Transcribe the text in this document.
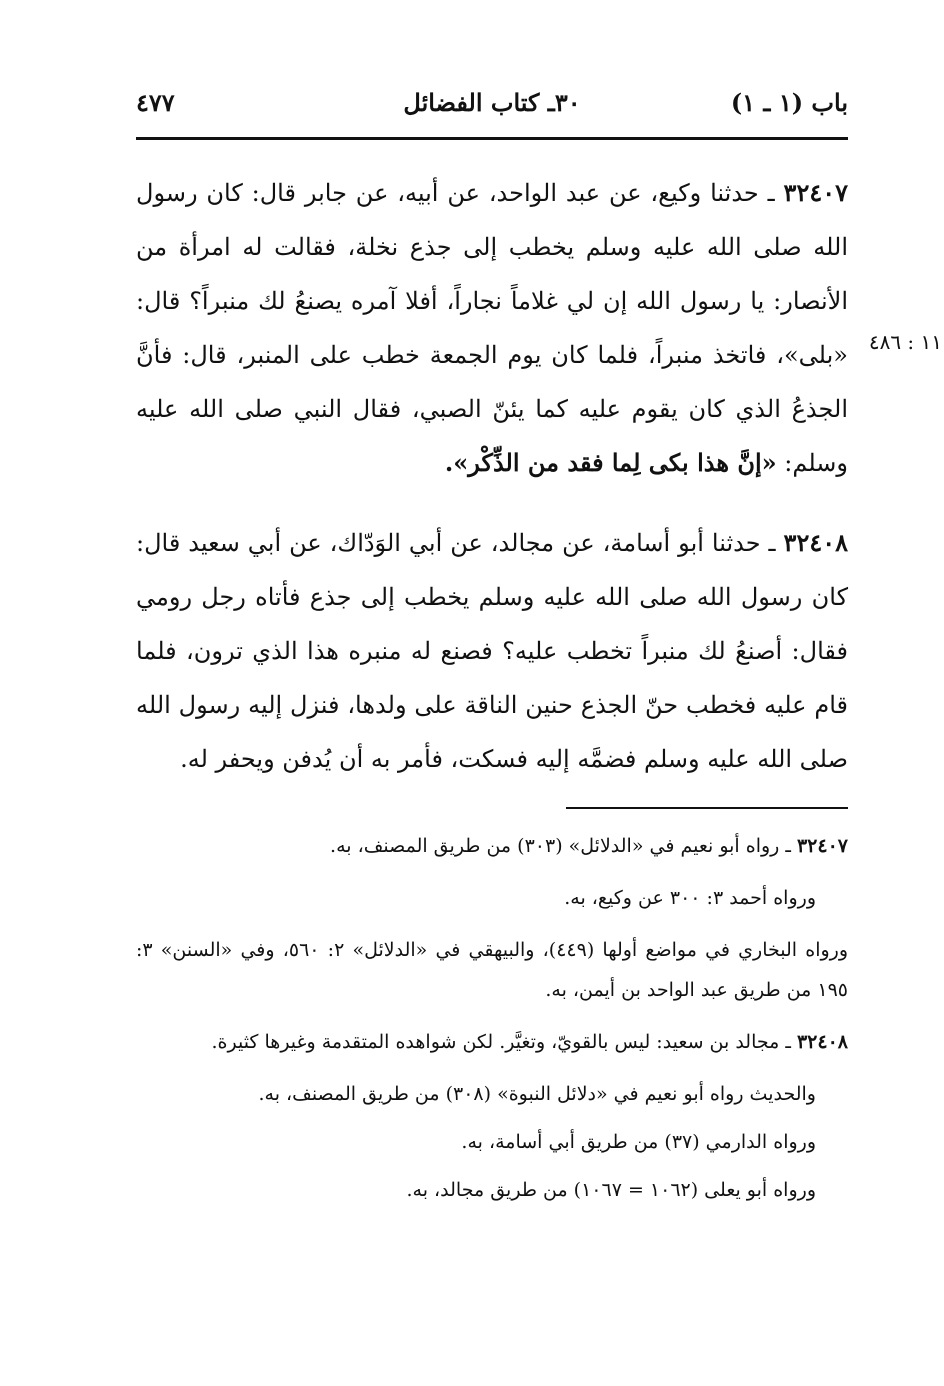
باب (١ ـ ١)
٣٠ـ كتاب الفضائل
٤٧٧
١١ : ٤٨٦

٣٢٤٠٧ ـ حدثنا وكيع، عن عبد الواحد، عن أبيه، عن جابر قال: كان رسول الله صلى الله عليه وسلم يخطب إلى جذع نخلة، فقالت له امرأة من الأنصار: يا رسول الله إن لي غلاماً نجاراً، أفلا آمره يصنعُ لك منبراً؟ قال: «بلى»، فاتخذ منبراً، فلما كان يوم الجمعة خطب على المنبر، قال: فأنَّ الجذعُ الذي كان يقوم عليه كما يئنّ الصبي، فقال النبي صلى الله عليه وسلم: «إنَّ هذا بكى لِما فقد من الذِّكْر».

٣٢٤٠٨ ـ حدثنا أبو أسامة، عن مجالد، عن أبي الوَدّاك، عن أبي سعيد قال: كان رسول الله صلى الله عليه وسلم يخطب إلى جذع فأتاه رجل رومي فقال: أصنعُ لك منبراً تخطب عليه؟ فصنع له منبره هذا الذي ترون، فلما قام عليه فخطب حنّ الجذع حنين الناقة على ولدها، فنزل إليه رسول الله صلى الله عليه وسلم فضمَّه إليه فسكت، فأمر به أن يُدفن ويحفر له.

٣٢٤٠٧ ـ رواه أبو نعيم في «الدلائل» (٣٠٣) من طريق المصنف، به.

ورواه أحمد ٣: ٣٠٠ عن وكيع، به.

ورواه البخاري في مواضع أولها (٤٤٩)، والبيهقي في «الدلائل» ٢: ٥٦٠، وفي «السنن» ٣: ١٩٥ من طريق عبد الواحد بن أيمن، به.

٣٢٤٠٨ ـ مجالد بن سعيد: ليس بالقويّ، وتغيَّر. لكن شواهده المتقدمة وغيرها كثيرة.

والحديث رواه أبو نعيم في «دلائل النبوة» (٣٠٨) من طريق المصنف، به.

ورواه الدارمي (٣٧) من طريق أبي أسامة، به.

ورواه أبو يعلى (١٠٦٢ = ١٠٦٧) من طريق مجالد، به.
